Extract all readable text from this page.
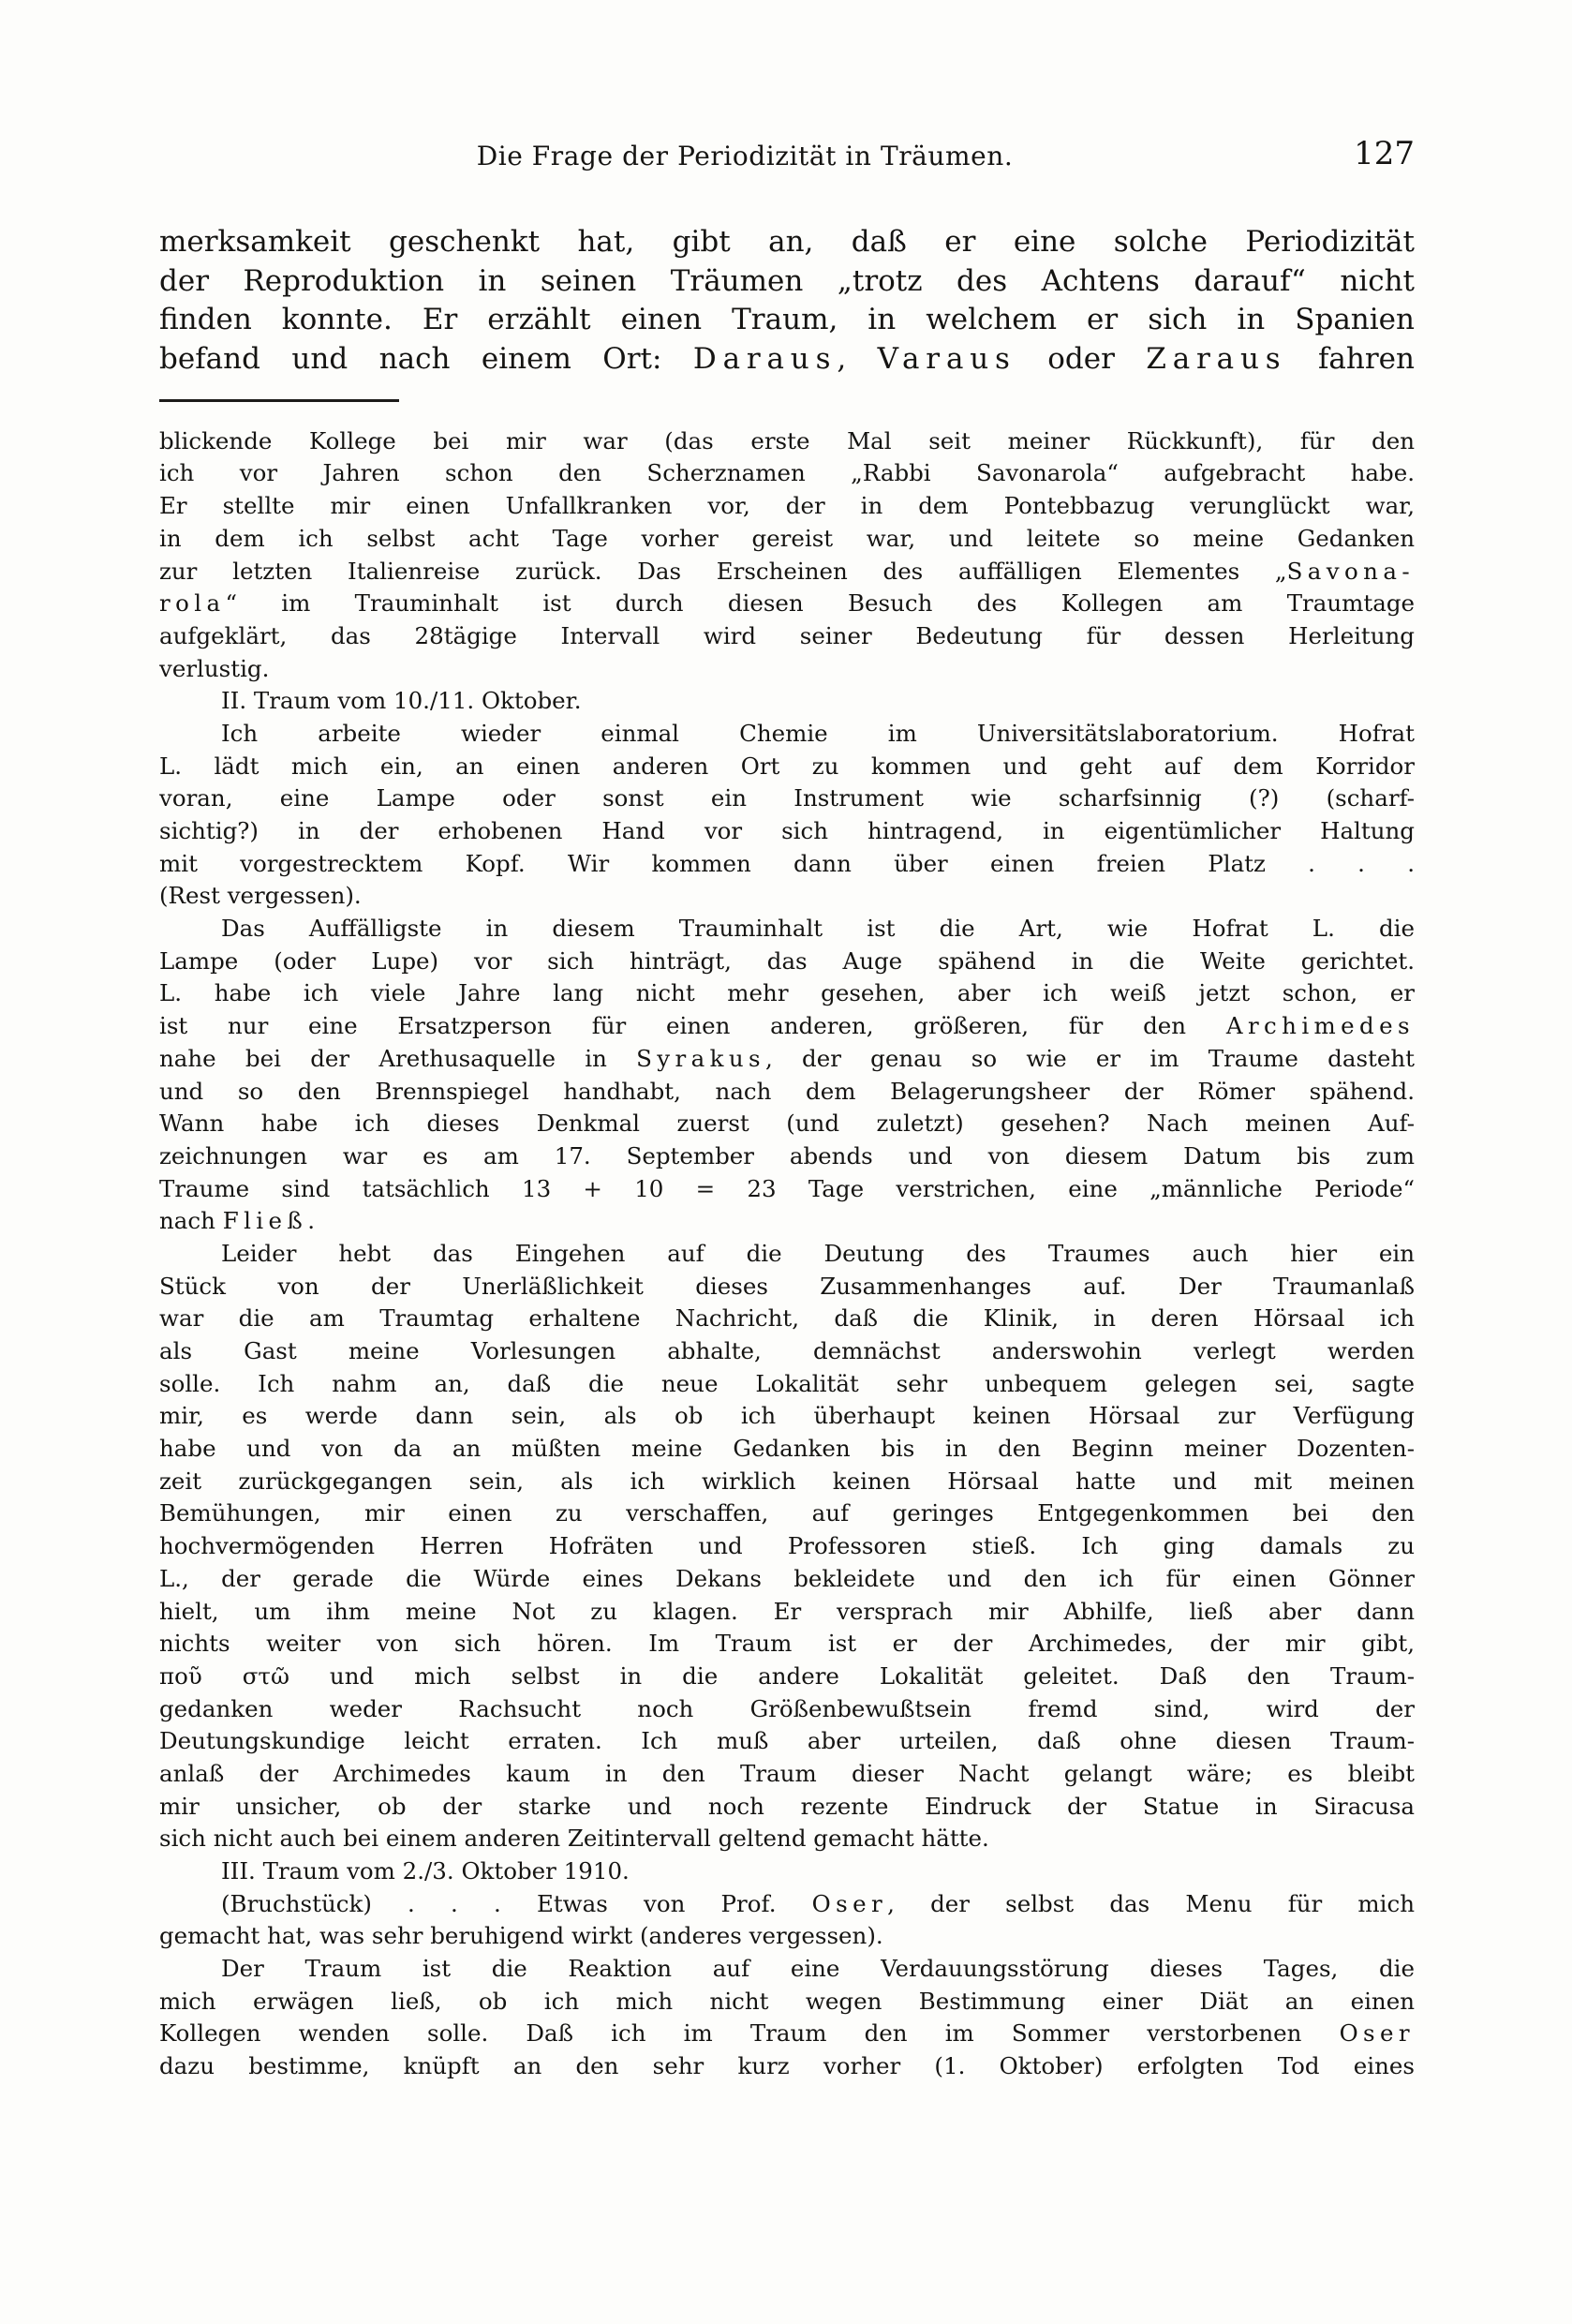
Die Frage der Periodizität in Träumen.	127
merksamkeit geschenkt hat, gibt an, daß er eine solche Periodizität
der Reproduktion in seinen Träumen „trotz des Achtens darauf“ nicht
finden konnte. Er erzählt einen Traum, in welchem er sich in Spanien
befand und nach einem Ort: Daraus, Varaus oder Zaraus fahren
blickende Kollege bei mir war (das erste Mal seit meiner Rückkunft), für den
ich vor Jahren schon den Scherznamen „Rabbi Savonarola“ aufgebracht habe.
Er stellte mir einen Unfallkranken vor, der in dem Pontebbazug verunglückt war,
in dem ich selbst acht Tage vorher gereist war, und leitete so meine Gedanken
zur letzten Italienreise zurück. Das Erscheinen des auffälligen Elementes „Savona-
rola“ im Trauminhalt ist durch diesen Besuch des Kollegen am Traumtage
aufgeklärt, das 28tägige Intervall wird seiner Bedeutung für dessen Herleitung
verlustig.
II. Traum vom 10./11. Oktober.
Ich arbeite wieder einmal Chemie im Universitätslaboratorium. Hofrat
L. lädt mich ein, an einen anderen Ort zu kommen und geht auf dem Korridor
voran, eine Lampe oder sonst ein Instrument wie scharfsinnig (?) (scharf-
sichtig?) in der erhobenen Hand vor sich hintragend, in eigentümlicher Haltung
mit vorgestrecktem Kopf. Wir kommen dann über einen freien Platz . . .
(Rest vergessen).
Das Auffälligste in diesem Trauminhalt ist die Art, wie Hofrat L. die
Lampe (oder Lupe) vor sich hinträgt, das Auge spähend in die Weite gerichtet.
L. habe ich viele Jahre lang nicht mehr gesehen, aber ich weiß jetzt schon, er
ist nur eine Ersatzperson für einen anderen, größeren, für den Archimedes
nahe bei der Arethusaquelle in Syrakus, der genau so wie er im Traume dasteht
und so den Brennspiegel handhabt, nach dem Belagerungsheer der Römer spähend.
Wann habe ich dieses Denkmal zuerst (und zuletzt) gesehen? Nach meinen Auf-
zeichnungen war es am 17. September abends und von diesem Datum bis zum
Traume sind tatsächlich 13 + 10 = 23 Tage verstrichen, eine „männliche Periode“
nach Fließ.
Leider hebt das Eingehen auf die Deutung des Traumes auch hier ein
Stück von der Unerläßlichkeit dieses Zusammenhanges auf. Der Traumanlaß
war die am Traumtag erhaltene Nachricht, daß die Klinik, in deren Hörsaal ich
als Gast meine Vorlesungen abhalte, demnächst anderswohin verlegt werden
solle. Ich nahm an, daß die neue Lokalität sehr unbequem gelegen sei, sagte
mir, es werde dann sein, als ob ich überhaupt keinen Hörsaal zur Verfügung
habe und von da an müßten meine Gedanken bis in den Beginn meiner Dozenten-
zeit zurückgegangen sein, als ich wirklich keinen Hörsaal hatte und mit meinen
Bemühungen, mir einen zu verschaffen, auf geringes Entgegenkommen bei den
hochvermögenden Herren Hofräten und Professoren stieß. Ich ging damals zu
L., der gerade die Würde eines Dekans bekleidete und den ich für einen Gönner
hielt, um ihm meine Not zu klagen. Er versprach mir Abhilfe, ließ aber dann
nichts weiter von sich hören. Im Traum ist er der Archimedes, der mir gibt,
ποῦ στῶ und mich selbst in die andere Lokalität geleitet. Daß den Traum-
gedanken weder Rachsucht noch Größenbewußtsein fremd sind, wird der
Deutungskundige leicht erraten. Ich muß aber urteilen, daß ohne diesen Traum-
anlaß der Archimedes kaum in den Traum dieser Nacht gelangt wäre; es bleibt
mir unsicher, ob der starke und noch rezente Eindruck der Statue in Siracusa
sich nicht auch bei einem anderen Zeitintervall geltend gemacht hätte.
III. Traum vom 2./3. Oktober 1910.
(Bruchstück) . . . Etwas von Prof. Oser, der selbst das Menu für mich
gemacht hat, was sehr beruhigend wirkt (anderes vergessen).
Der Traum ist die Reaktion auf eine Verdauungsstörung dieses Tages, die
mich erwägen ließ, ob ich mich nicht wegen Bestimmung einer Diät an einen
Kollegen wenden solle. Daß ich im Traum den im Sommer verstorbenen Oser
dazu bestimme, knüpft an den sehr kurz vorher (1. Oktober) erfolgten Tod eines
